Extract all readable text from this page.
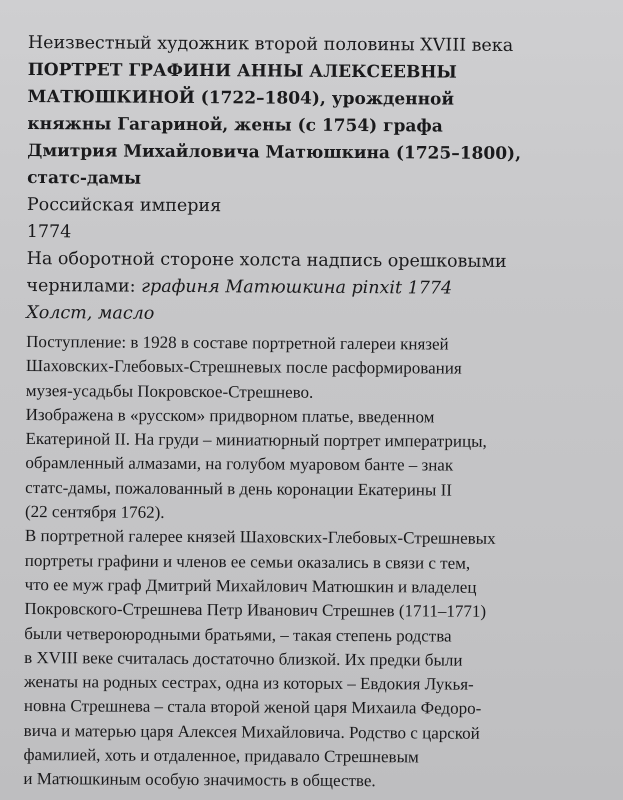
Неизвестный художник второй половины XVIII века
ПОРТРЕТ ГРАФИНИ АННЫ АЛЕКСЕЕВНЫ
МАТЮШКИНОЙ (1722–1804), урожденной
княжны Гагариной, жены (с 1754) графа
Дмитрия Михайловича Матюшкина (1725–1800),
статс-дамы
Российская империя
1774
На оборотной стороне холста надпись орешковыми
чернилами: графиня Матюшкина pinxit 1774
Холст, масло
Поступление: в 1928 в составе портретной галереи князей
Шаховских-Глебовых-Стрешневых после расформирования
музея-усадьбы Покровское-Стрешнево.
Изображена в «русском» придворном платье, введенном
Екатериной II. На груди – миниатюрный портрет императрицы,
обрамленный алмазами, на голубом муаровом банте – знак
статс-дамы, пожалованный в день коронации Екатерины II
(22 сентября 1762).
В портретной галерее князей Шаховских-Глебовых-Стрешневых
портреты графини и членов ее семьи оказались в связи с тем,
что ее муж граф Дмитрий Михайлович Матюшкин и владелец
Покровского-Стрешнева Петр Иванович Стрешнев (1711–1771)
были четвероюродными братьями, – такая степень родства
в XVIII веке считалась достаточно близкой. Их предки были
женаты на родных сестрах, одна из которых – Евдокия Лукья-
новна Стрешнева – стала второй женой царя Михаила Федоро-
вича и матерью царя Алексея Михайловича. Родство с царской
фамилией, хоть и отдаленное, придавало Стрешневым
и Матюшкиным особую значимость в обществе.
